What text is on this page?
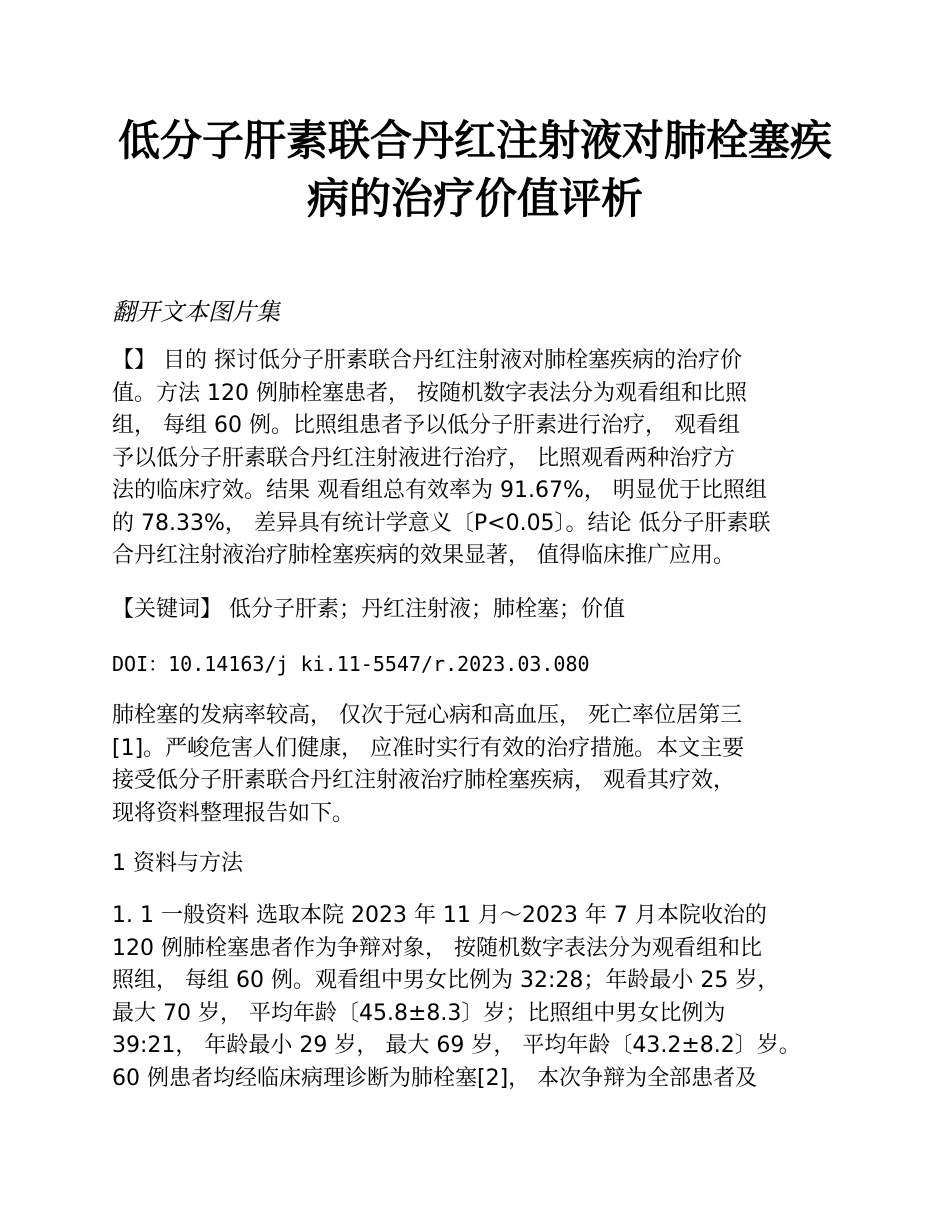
低分子肝素联合丹红注射液对肺栓塞疾
病的治疗价值评析

翻开文本图片集

【】 目的 探讨低分子肝素联合丹红注射液对肺栓塞疾病的治疗价
值。方法 120 例肺栓塞患者， 按随机数字表法分为观看组和比照
组， 每组 60 例。比照组患者予以低分子肝素进行治疗， 观看组
予以低分子肝素联合丹红注射液进行治疗， 比照观看两种治疗方
法的临床疗效。结果 观看组总有效率为 91.67%， 明显优于比照组
的 78.33%， 差异具有统计学意义〔P<0.05〕。结论 低分子肝素联
合丹红注射液治疗肺栓塞疾病的效果显著， 值得临床推广应用。

【关键词】 低分子肝素；丹红注射液；肺栓塞；价值

DOI：10.14163/j ki.11-5547/r.2023.03.080

肺栓塞的发病率较高， 仅次于冠心病和高血压， 死亡率位居第三
[1]。严峻危害人们健康， 应准时实行有效的治疗措施。本文主要
接受低分子肝素联合丹红注射液治疗肺栓塞疾病， 观看其疗效，
现将资料整理报告如下。

1 资料与方法

1. 1 一般资料 选取本院 2023 年 11 月～2023 年 7 月本院收治的
120 例肺栓塞患者作为争辩对象， 按随机数字表法分为观看组和比
照组， 每组 60 例。观看组中男女比例为 32:28；年龄最小 25 岁，
最大 70 岁， 平均年龄〔45.8±8.3〕岁；比照组中男女比例为
39:21， 年龄最小 29 岁， 最大 69 岁， 平均年龄〔43.2±8.2〕岁。
60 例患者均经临床病理诊断为肺栓塞[2]， 本次争辩为全部患者及
